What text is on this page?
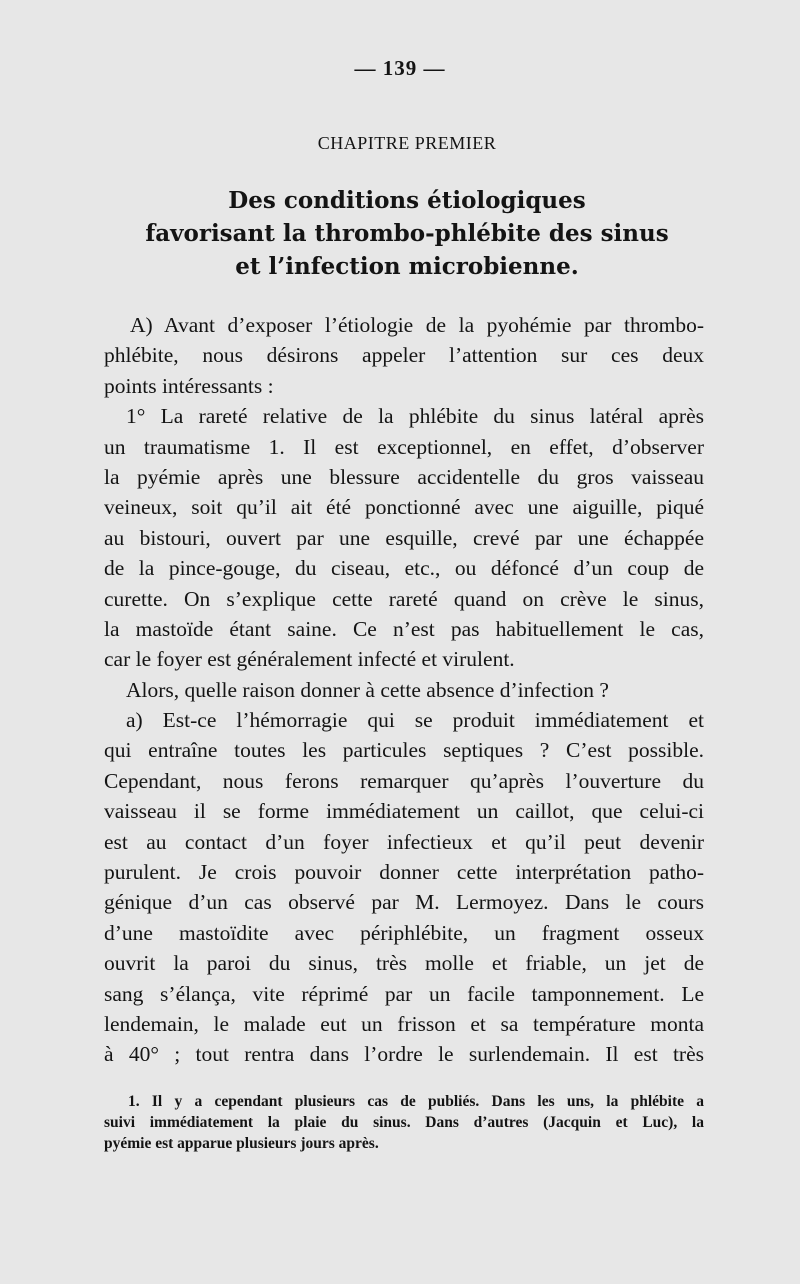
— 139 —
CHAPITRE PREMIER
Des conditions étiologiques
favorisant la thrombo-phlébite des sinus
et l’infection microbienne.
A) Avant d’exposer l’étiologie de la pyohémie par thrombo-
phlébite, nous désirons appeler l’attention sur ces deux
points intéressants :
1° La rareté relative de la phlébite du sinus latéral après
un traumatisme 1. Il est exceptionnel, en effet, d’observer
la pyémie après une blessure accidentelle du gros vaisseau
veineux, soit qu’il ait été ponctionné avec une aiguille, piqué
au bistouri, ouvert par une esquille, crevé par une échappée
de la pince-gouge, du ciseau, etc., ou défoncé d’un coup de
curette. On s’explique cette rareté quand on crève le sinus,
la mastoïde étant saine. Ce n’est pas habituellement le cas,
car le foyer est généralement infecté et virulent.
Alors, quelle raison donner à cette absence d’infection ?
a) Est-ce l’hémorragie qui se produit immédiatement et
qui entraîne toutes les particules septiques ? C’est possible.
Cependant, nous ferons remarquer qu’après l’ouverture du
vaisseau il se forme immédiatement un caillot, que celui-ci
est au contact d’un foyer infectieux et qu’il peut devenir
purulent. Je crois pouvoir donner cette interprétation patho-
génique d’un cas observé par M. Lermoyez. Dans le cours
d’une mastoïdite avec périphlébite, un fragment osseux
ouvrit la paroi du sinus, très molle et friable, un jet de
sang s’élança, vite réprimé par un facile tamponnement. Le
lendemain, le malade eut un frisson et sa température monta
à 40° ; tout rentra dans l’ordre le surlendemain. Il est très
1. Il y a cependant plusieurs cas de publiés. Dans les uns, la phlébite a
suivi immédiatement la plaie du sinus. Dans d’autres (Jacquin et Luc), la
pyémie est apparue plusieurs jours après.
